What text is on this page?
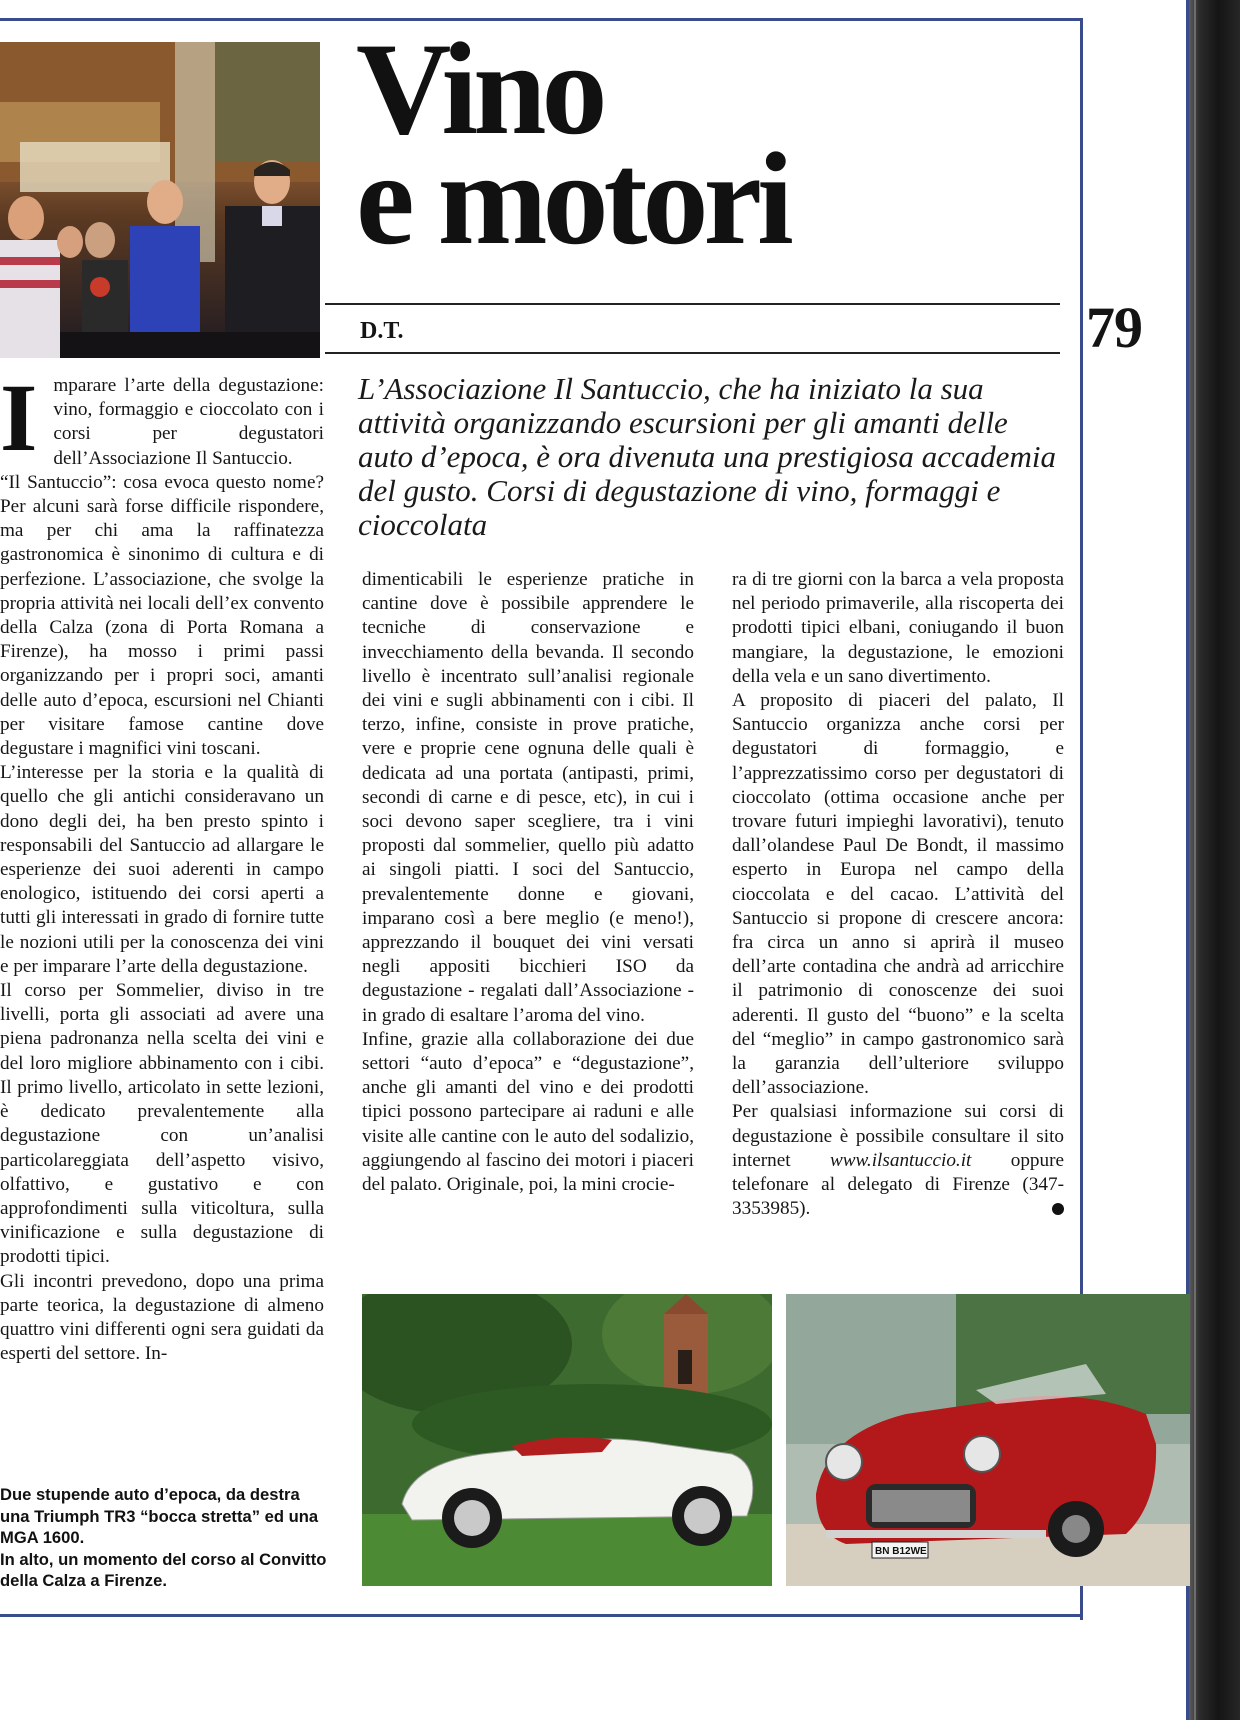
Vino
e motori
D.T.	79
L’Associazione Il Santuccio, che ha iniziato la sua attività organizzando escursioni per gli amanti delle auto d’epoca, è ora divenuta una prestigiosa accademia del gusto. Corsi di degustazione di vino, formaggi e cioccolata

Imparare l’arte della degustazione: vino, formaggio e cioccolato con i corsi per degustatori dell’Associazione Il Santuccio.

“Il Santuccio”: cosa evoca questo nome? Per alcuni sarà forse difficile rispondere, ma per chi ama la raffinatezza gastronomica è sinonimo di cultura e di perfezione. L’associazione, che svolge la propria attività nei locali dell’ex convento della Calza (zona di Porta Romana a Firenze), ha mosso i primi passi organizzando per i propri soci, amanti delle auto d’epoca, escursioni nel Chianti per visitare famose cantine dove degustare i magnifici vini toscani.

L’interesse per la storia e la qualità di quello che gli antichi consideravano un dono degli dei, ha ben presto spinto i responsabili del Santuccio ad allargare le esperienze dei suoi aderenti in campo enologico, istituendo dei corsi aperti a tutti gli interessati in grado di fornire tutte le nozioni utili per la conoscenza dei vini e per imparare l’arte della degustazione.

Il corso per Sommelier, diviso in tre livelli, porta gli associati ad avere una piena padronanza nella scelta dei vini e del loro migliore abbinamento con i cibi. Il primo livello, articolato in sette lezioni, è dedicato prevalentemente alla degustazione con un’analisi particolareggiata dell’aspetto visivo, olfattivo, e gustativo e con approfondimenti sulla viticoltura, sulla vinificazione e sulla degustazione di prodotti tipici.

Gli incontri prevedono, dopo una prima parte teorica, la degustazione di almeno quattro vini differenti ogni sera guidati da esperti del settore. In-

dimenticabili le esperienze pratiche in cantine dove è possibile apprendere le tecniche di conservazione e invecchiamento della bevanda. Il secondo livello è incentrato sull’analisi regionale dei vini e sugli abbinamenti con i cibi. Il terzo, infine, consiste in prove pratiche, vere e proprie cene ognuna delle quali è dedicata ad una portata (antipasti, primi, secondi di carne e di pesce, etc), in cui i soci devono saper scegliere, tra i vini proposti dal sommelier, quello più adatto ai singoli piatti. I soci del Santuccio, prevalentemente donne e giovani, imparano così a bere meglio (e meno!), apprezzando il bouquet dei vini versati negli appositi bicchieri ISO da degustazione - regalati dall’Associazione - in grado di esaltare l’aroma del vino.

Infine, grazie alla collaborazione dei due settori “auto d’epoca” e “degustazione”, anche gli amanti del vino e dei prodotti tipici possono partecipare ai raduni e alle visite alle cantine con le auto del sodalizio, aggiungendo al fascino dei motori i piaceri del palato. Originale, poi, la mini crocie-

ra di tre giorni con la barca a vela proposta nel periodo primaverile, alla riscoperta dei prodotti tipici elbani, coniugando il buon mangiare, la degustazione, le emozioni della vela e un sano divertimento.

A proposito di piaceri del palato, Il Santuccio organizza anche corsi per degustatori di formaggio, e l’apprezzatissimo corso per degustatori di cioccolato (ottima occasione anche per trovare futuri impieghi lavorativi), tenuto dall’olandese Paul De Bondt, il massimo esperto in Europa nel campo della cioccolata e del cacao. L’attività del Santuccio si propone di crescere ancora: fra circa un anno si aprirà il museo dell’arte contadina che andrà ad arricchire il patrimonio di conoscenze dei suoi aderenti. Il gusto del “buono” e la scelta del “meglio” in campo gastronomico sarà la garanzia dell’ulteriore sviluppo dell’associazione.

Per qualsiasi informazione sui corsi di degustazione è possibile consultare il sito internet www.ilsantuccio.it oppure telefonare al delegato di Firenze (347- 3353985).

BN B12WE
Due stupende auto d’epoca, da destra una Triumph TR3 “bocca stretta” ed una MGA 1600.
In alto, un momento del corso al Convitto della Calza a Firenze.
